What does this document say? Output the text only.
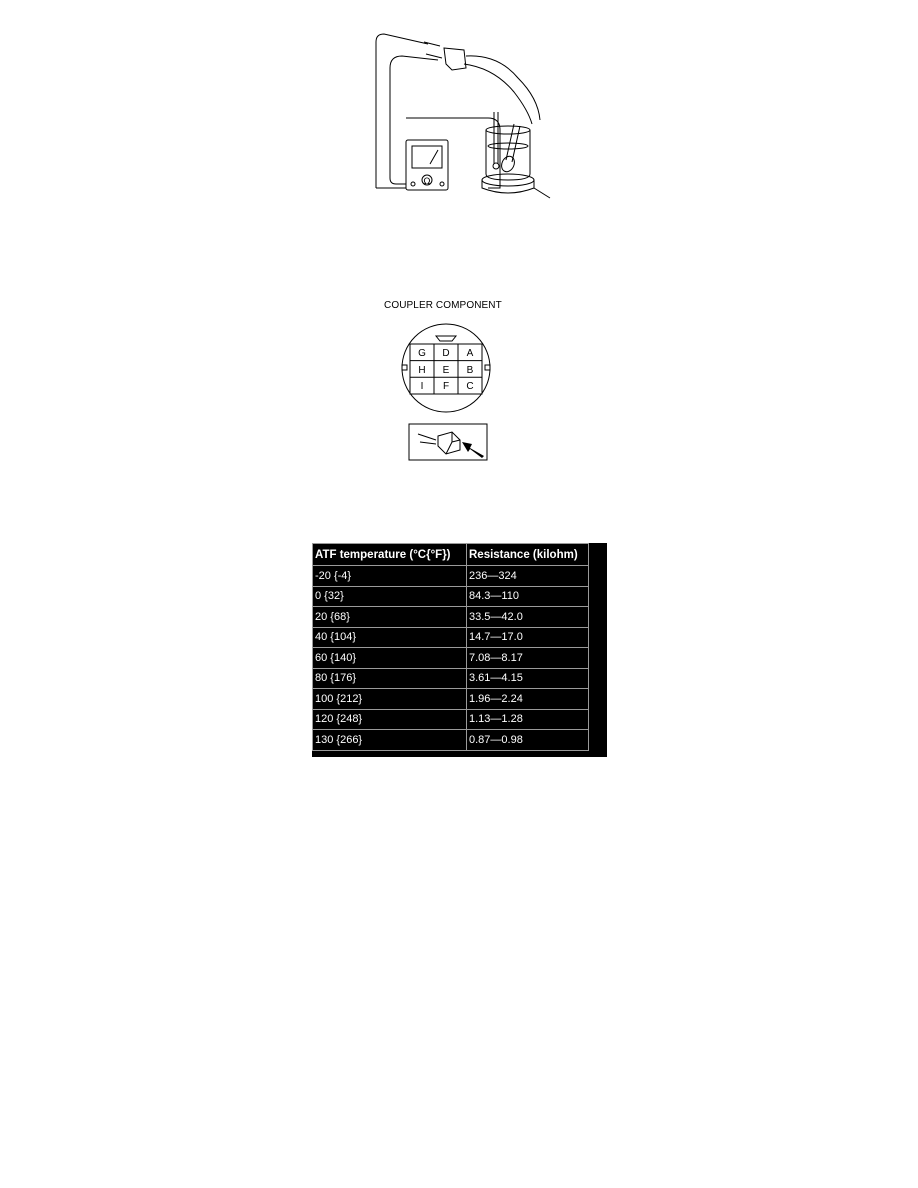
Ω
COUPLER COMPONENT
G D A
H E B
I F C
ATF temperature (°C{°F})	Resistance (kilohm)
-20 {-4}	236—324
0 {32}	84.3—110
20 {68}	33.5—42.0
40 {104}	14.7—17.0
60 {140}	7.08—8.17
80 {176}	3.61—4.15
100 {212}	1.96—2.24
120 {248}	1.13—1.28
130 {266}	0.87—0.98
